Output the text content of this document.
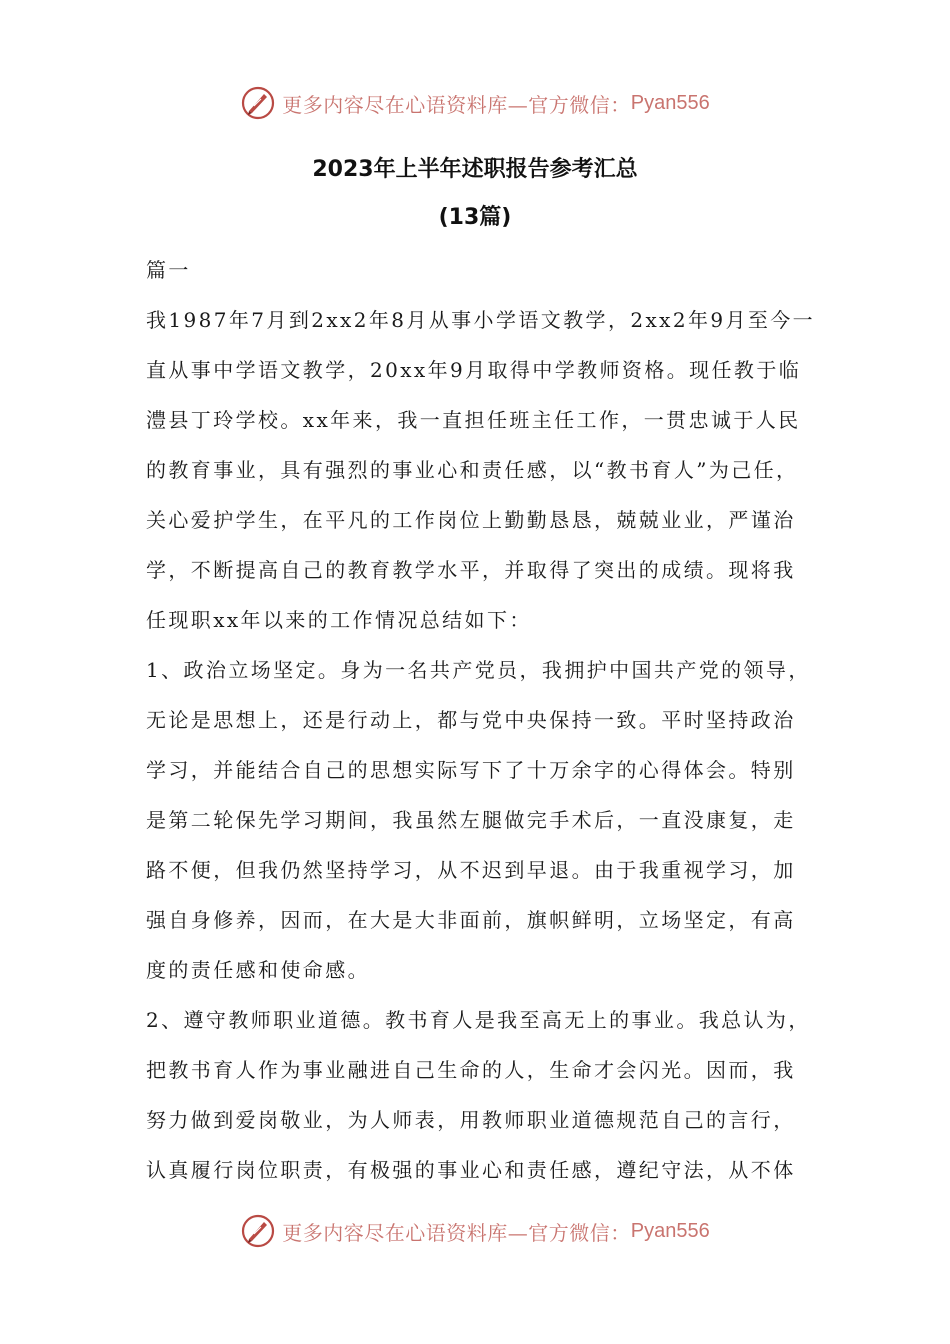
更多内容尽在心语资料库—官方微信： Pyan556
2023年上半年述职报告参考汇总
(13篇)
篇一
我1987年7月到2xx2年8月从事小学语文教学，2xx2年9月至今一
直从事中学语文教学，20xx年9月取得中学教师资格。现任教于临
澧县丁玲学校。xx年来，我一直担任班主任工作，一贯忠诚于人民
的教育事业，具有强烈的事业心和责任感，以“教书育人”为己任，
关心爱护学生，在平凡的工作岗位上勤勤恳恳，兢兢业业，严谨治
学，不断提高自己的教育教学水平，并取得了突出的成绩。现将我
任现职xx年以来的工作情况总结如下：
1、政治立场坚定。身为一名共产党员，我拥护中国共产党的领导，
无论是思想上，还是行动上，都与党中央保持一致。平时坚持政治
学习，并能结合自己的思想实际写下了十万余字的心得体会。特别
是第二轮保先学习期间，我虽然左腿做完手术后，一直没康复，走
路不便，但我仍然坚持学习，从不迟到早退。由于我重视学习，加
强自身修养，因而，在大是大非面前，旗帜鲜明，立场坚定，有高
度的责任感和使命感。
2、遵守教师职业道德。教书育人是我至高无上的事业。我总认为，
把教书育人作为事业融进自己生命的人，生命才会闪光。因而，我
努力做到爱岗敬业，为人师表，用教师职业道德规范自己的言行，
认真履行岗位职责，有极强的事业心和责任感，遵纪守法，从不体
更多内容尽在心语资料库—官方微信： Pyan556
